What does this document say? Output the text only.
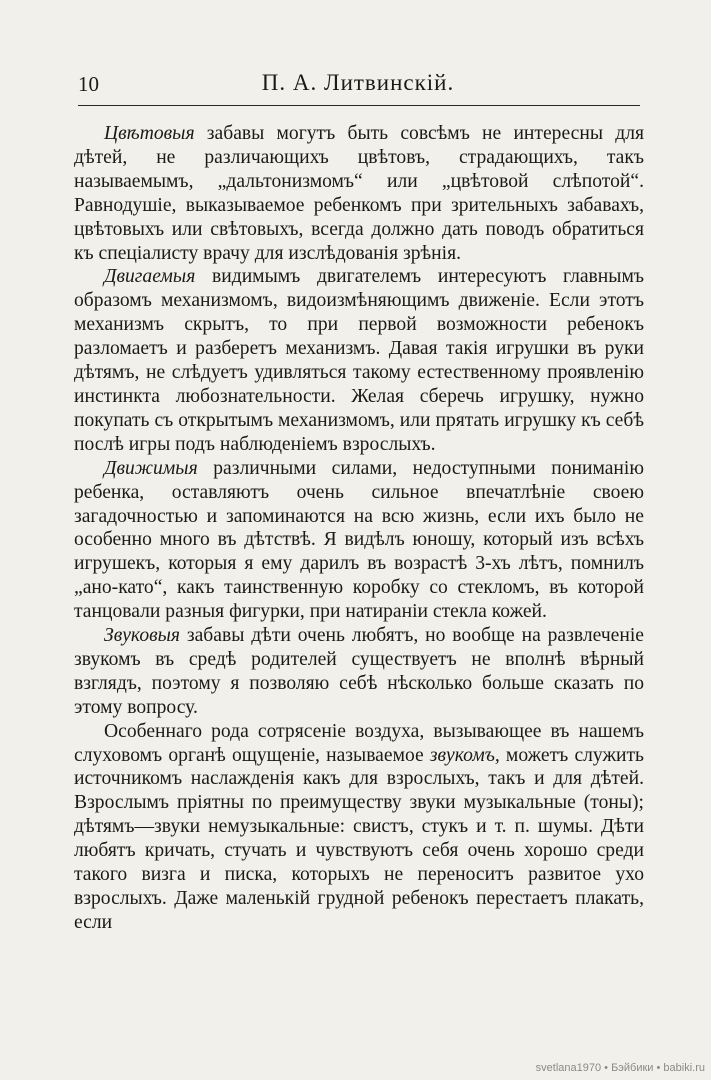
10	П. А. Литвинскій.

Цвѣтовыя забавы могутъ быть совсѣмъ не интересны для дѣтей, не различающихъ цвѣтовъ, страдающихъ, такъ называемымъ, „дальтонизмомъ“ или „цвѣтовой слѣпотой“. Равнодушіе, выказываемое ребенкомъ при зрительныхъ забавахъ, цвѣтовыхъ или свѣтовыхъ, всегда должно дать поводъ обратиться къ спеціалисту врачу для изслѣдованія зрѣнія.

Двигаемыя видимымъ двигателемъ интересуютъ главнымъ образомъ механизмомъ, видоизмѣняющимъ движеніе. Если этотъ механизмъ скрытъ, то при первой возможности ребенокъ разломаетъ и разберетъ механизмъ. Давая такія игрушки въ руки дѣтямъ, не слѣдуетъ удивляться такому естественному проявленію инстинкта любознательности. Желая сберечь игрушку, нужно покупать съ открытымъ механизмомъ, или прятать игрушку къ себѣ послѣ игры подъ наблюденіемъ взрослыхъ.

Движимыя различными силами, недоступными пониманію ребенка, оставляютъ очень сильное впечатлѣніе своею загадочностью и запоминаются на всю жизнь, если ихъ было не особенно много въ дѣтствѣ. Я видѣлъ юношу, который изъ всѣхъ игрушекъ, которыя я ему дарилъ въ возрастѣ 3-хъ лѣтъ, помнилъ „ано-като“, какъ таинственную коробку со стекломъ, въ которой танцовали разныя фигурки, при натираніи стекла кожей.

Звуковыя забавы дѣти очень любятъ, но вообще на развлеченіе звукомъ въ средѣ родителей существуетъ не вполнѣ вѣрный взглядъ, поэтому я позволяю себѣ нѣсколько больше сказать по этому вопросу.

Особеннаго рода сотрясеніе воздуха, вызывающее въ нашемъ слуховомъ органѣ ощущеніе, называемое звукомъ, можетъ служить источникомъ наслажденія какъ для взрослыхъ, такъ и для дѣтей. Взрослымъ пріятны по преимуществу звуки музыкальные (тоны); дѣтямъ—звуки немузыкальные: свистъ, стукъ и т. п. шумы. Дѣти любятъ кричать, стучать и чувствуютъ себя очень хорошо среди такого визга и писка, которыхъ не переноситъ развитое ухо взрослыхъ. Даже маленькій грудной ребенокъ перестаетъ плакать, если

svetlana1970 • Бэйбики • babiki.ru
